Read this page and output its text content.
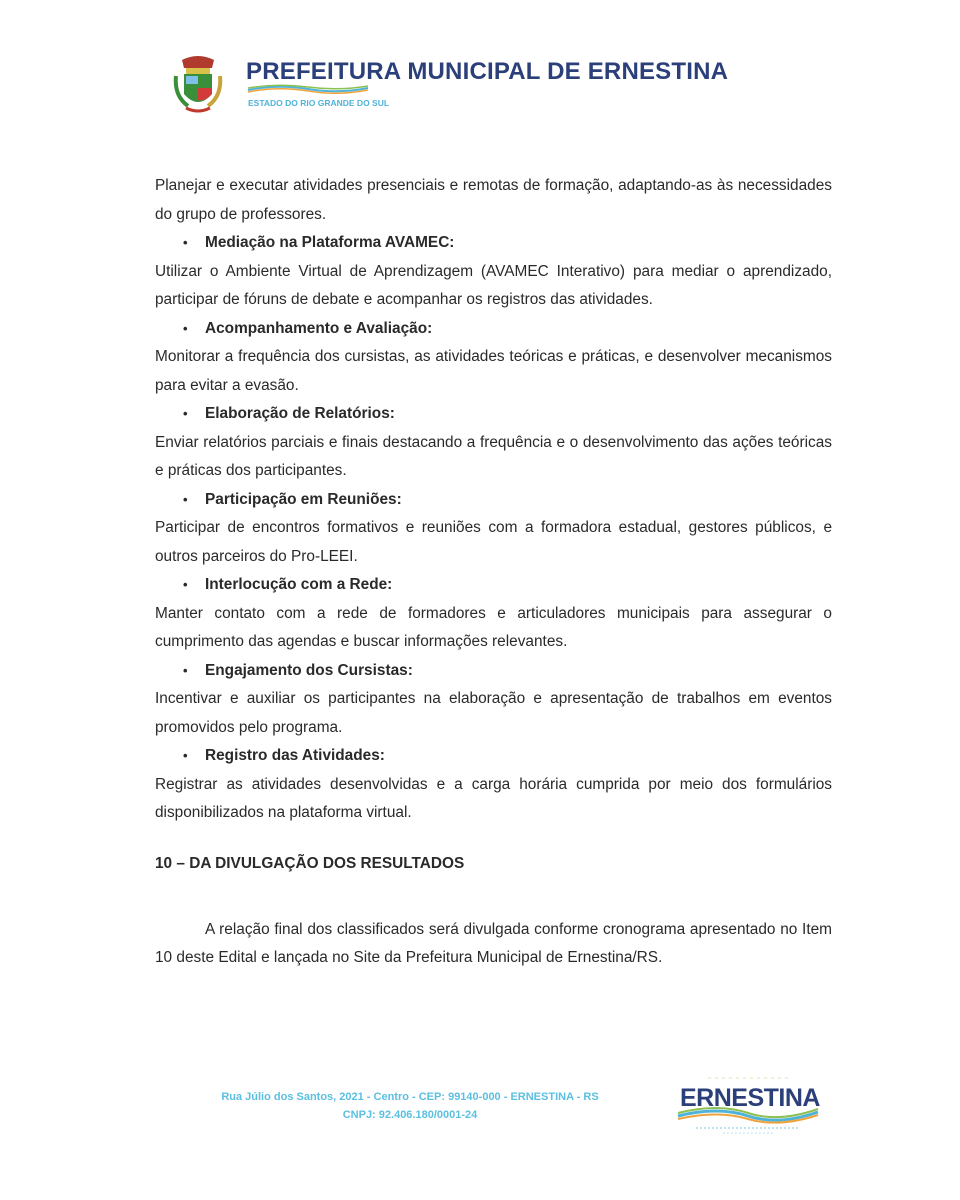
PREFEITURA MUNICIPAL DE ERNESTINA
ESTADO DO RIO GRANDE DO SUL

Planejar e executar atividades presenciais e remotas de formação, adaptando-as às necessidades do grupo de professores.

•	Mediação na Plataforma AVAMEC:

Utilizar o Ambiente Virtual de Aprendizagem (AVAMEC Interativo) para mediar o aprendizado, participar de fóruns de debate e acompanhar os registros das atividades.

•	Acompanhamento e Avaliação:

Monitorar a frequência dos cursistas, as atividades teóricas e práticas, e desenvolver mecanismos para evitar a evasão.

•	Elaboração de Relatórios:

Enviar relatórios parciais e finais destacando a frequência e o desenvolvimento das ações teóricas e práticas dos participantes.

•	Participação em Reuniões:

Participar de encontros formativos e reuniões com a formadora estadual, gestores públicos, e outros parceiros do Pro-LEEI.

•	Interlocução com a Rede:

Manter contato com a rede de formadores e articuladores municipais para assegurar o cumprimento das agendas e buscar informações relevantes.

•	Engajamento dos Cursistas:

Incentivar e auxiliar os participantes na elaboração e apresentação de trabalhos em eventos promovidos pelo programa.

•	Registro das Atividades:

Registrar as atividades desenvolvidas e a carga horária cumprida por meio dos formulários disponibilizados na plataforma virtual.

10 – DA DIVULGAÇÃO DOS RESULTADOS

A relação final dos classificados será divulgada conforme cronograma apresentado no Item 10 deste Edital e lançada no Site da Prefeitura Municipal de Ernestina/RS.

Rua Júlio dos Santos, 2021 - Centro - CEP: 99140-000 - ERNESTINA - RS
CNPJ: 92.406.180/0001-24
ERNESTINA
